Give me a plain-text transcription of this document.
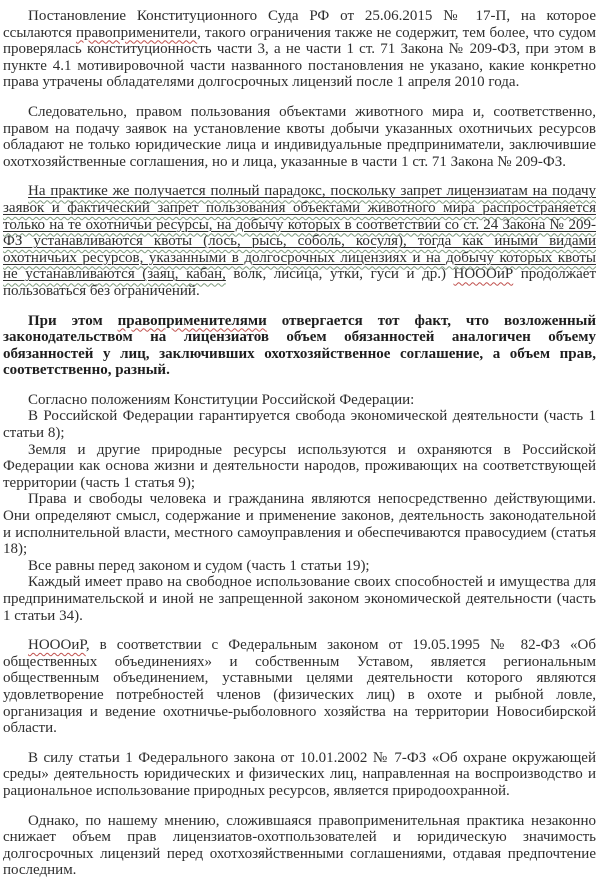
Постановление Конституционного Суда РФ от 25.06.2015 № 17-П, на которое ссылаются правоприменители, такого ограничения также не содержит, тем более, что судом проверялась конституционность части 3, а не части 1 ст. 71 Закона № 209-ФЗ, при этом в пункте 4.1 мотивировочной части названного постановления не указано, какие конкретно права утрачены обладателями долгосрочных лицензий после 1 апреля 2010 года.

Следовательно, правом пользования объектами животного мира и, соответственно, правом на подачу заявок на установление квоты добычи указанных охотничьих ресурсов обладают не только юридические лица и индивидуальные предприниматели, заключившие охотхозяйственные соглашения, но и лица, указанные в части 1 ст. 71 Закона № 209-ФЗ.

На практике же получается полный парадокс, поскольку запрет лицензиатам на подачу заявок и фактический запрет пользования объектами животного мира распространяется только на те охотничьи ресурсы, на добычу которых в соответствии со ст. 24 Закона № 209-ФЗ устанавливаются квоты (лось, рысь, соболь, косуля), тогда как иными видами охотничьих ресурсов, указанными в долгосрочных лицензиях и на добычу которых квоты не устанавливаются (заяц, кабан, волк, лисица, утки, гуси и др.) НОООиР продолжает пользоваться без ограничений.

При этом правоприменителями отвергается тот факт, что возложенный законодательством на лицензиатов объем обязанностей аналогичен объему обязанностей у лиц, заключивших охотхозяйственное соглашение, а объем прав, соответственно, разный.

Согласно положениям Конституции Российской Федерации:

В Российской Федерации гарантируется свобода экономической деятельности (часть 1 статьи 8);

Земля и другие природные ресурсы используются и охраняются в Российской Федерации как основа жизни и деятельности народов, проживающих на соответствующей территории (часть 1 статья 9);

Права и свободы человека и гражданина являются непосредственно действующими. Они определяют смысл, содержание и применение законов, деятельность законодательной и исполнительной власти, местного самоуправления и обеспечиваются правосудием (статья 18);

Все равны перед законом и судом (часть 1 статьи 19);

Каждый имеет право на свободное использование своих способностей и имущества для предпринимательской и иной не запрещенной законом экономической деятельности (часть 1 статьи 34).

НОООиР, в соответствии с Федеральным законом от 19.05.1995 № 82-ФЗ «Об общественных объединениях» и собственным Уставом, является региональным общественным объединением, уставными целями деятельности которого являются удовлетворение потребностей членов (физических лиц) в охоте и рыбной ловле, организация и ведение охотничье-рыболовного хозяйства на территории Новосибирской области.

В силу статьи 1 Федерального закона от 10.01.2002 № 7-ФЗ «Об охране окружающей среды» деятельность юридических и физических лиц, направленная на воспроизводство и рациональное использование природных ресурсов, является природоохранной.

Однако, по нашему мнению, сложившаяся правоприменительная практика незаконно снижает объем прав лицензиатов-охотпользователей и юридическую значимость долгосрочных лицензий перед охотхозяйственными соглашениями, отдавая предпочтение последним.
